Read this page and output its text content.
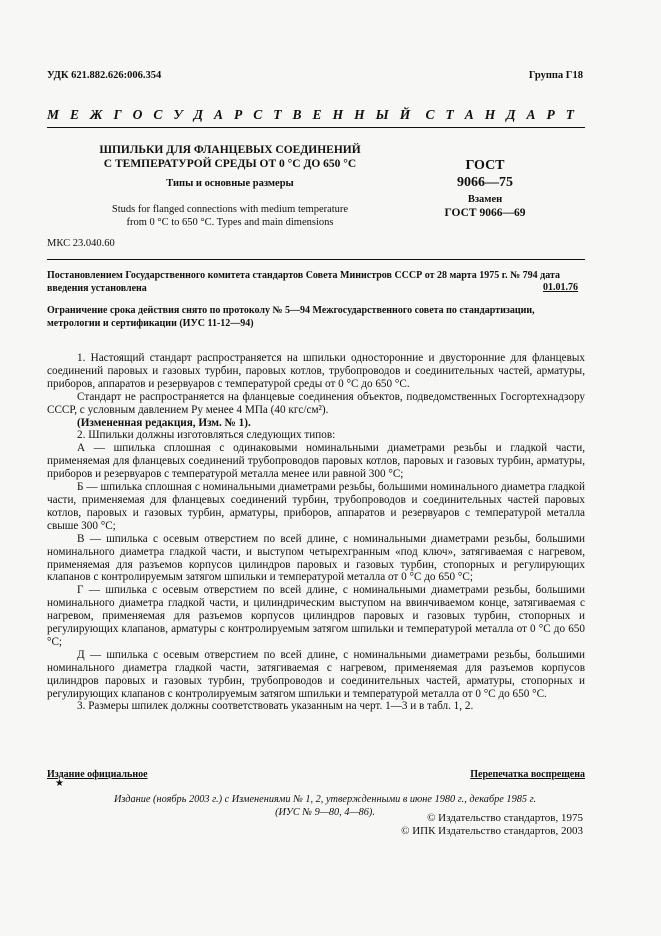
УДК 621.882.626:006.354	Группа Г18
М Е Ж Г О С У Д А Р С Т В Е Н Н Ы Й	С Т А Н Д А Р Т
ШПИЛЬКИ ДЛЯ ФЛАНЦЕВЫХ СОЕДИНЕНИЙ
С ТЕМПЕРАТУРОЙ СРЕДЫ ОТ 0 °С ДО 650 °С
Типы и основные размеры
Studs for flanged connections with medium temperature
from 0 °C to 650 °C. Types and main dimensions
ГОСТ
9066—75
Взамен
ГОСТ 9066—69
МКС 23.040.60
Постановлением Государственного комитета стандартов Совета Министров СССР от 28 марта 1975 г. № 794 дата введения установлена	01.01.76
Ограничение срока действия снято по протоколу № 5—94 Межгосударственного совета по стандартизации, метрологии и сертификации (ИУС 11-12—94)

1. Настоящий стандарт распространяется на шпильки односторонние и двусторонние для фланцевых соединений паровых и газовых турбин, паровых котлов, трубопроводов и соединительных частей, арматуры, приборов, аппаратов и резервуаров с температурой среды от 0 °С до 650 °С.

Стандарт не распространяется на фланцевые соединения объектов, подведомственных Госгортехнадзору СССР, с условным давлением Py менее 4 МПа (40 кгс/см²).

(Измененная редакция, Изм. № 1).

2. Шпильки должны изготовляться следующих типов:

А — шпилька сплошная с одинаковыми номинальными диаметрами резьбы и гладкой части, применяемая для фланцевых соединений трубопроводов паровых котлов, паровых и газовых турбин, арматуры, приборов и резервуаров с температурой металла менее или равной 300 °С;

Б — шпилька сплошная с номинальными диаметрами резьбы, большими номинального диаметра гладкой части, применяемая для фланцевых соединений турбин, трубопроводов и соединительных частей паровых котлов, паровых и газовых турбин, арматуры, приборов, аппаратов и резервуаров с температурой металла свыше 300 °С;

В — шпилька с осевым отверстием по всей длине, с номинальными диаметрами резьбы, большими номинального диаметра гладкой части, и выступом четырехгранным «под ключ», затягиваемая с нагревом, применяемая для разъемов корпусов цилиндров паровых и газовых турбин, стопорных и регулирующих клапанов с контролируемым затягом шпильки и температурой металла от 0 °С до 650 °С;

Г — шпилька с осевым отверстием по всей длине, с номинальными диаметрами резьбы, большими номинального диаметра гладкой части, и цилиндрическим выступом на ввинчиваемом конце, затягиваемая с нагревом, применяемая для разъемов корпусов цилиндров паровых и газовых турбин, стопорных и регулирующих клапанов, арматуры с контролируемым затягом шпильки и температурой металла от 0 °С до 650 °С;

Д — шпилька с осевым отверстием по всей длине, с номинальными диаметрами резьбы, большими номинального диаметра гладкой части, затягиваемая с нагревом, применяемая для разъемов корпусов цилиндров паровых и газовых турбин, трубопроводов и соединительных частей, арматуры, стопорных и регулирующих клапанов с контролируемым затягом шпильки и температурой металла от 0 °С до 650 °С.

3. Размеры шпилек должны соответствовать указанным на черт. 1—3 и в табл. 1, 2.

Издание официальное	Перепечатка воспрещена
★
Издание (ноябрь 2003 г.) с Изменениями № 1, 2, утвержденными в июне 1980 г., декабре 1985 г.
(ИУС № 9—80, 4—86).	© Издательство стандартов, 1975
© ИПК Издательство стандартов, 2003
